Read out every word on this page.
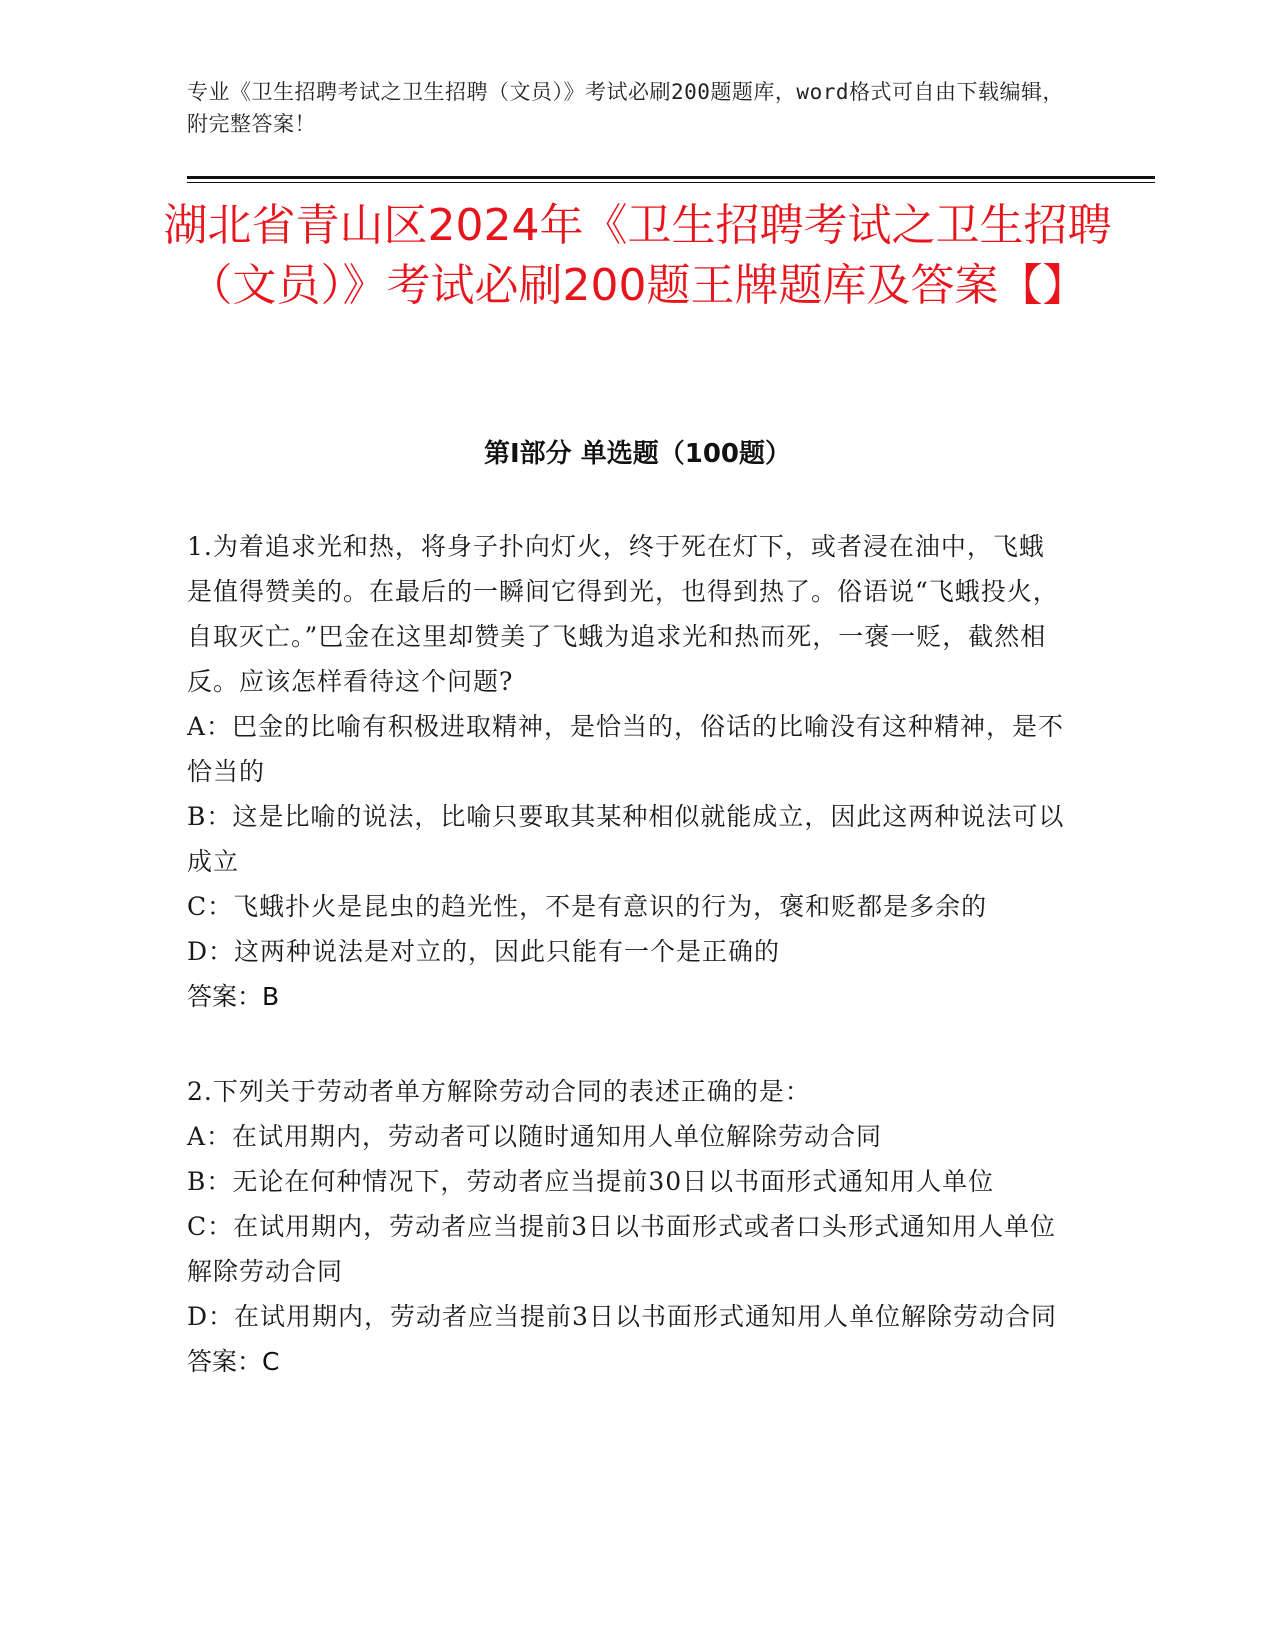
专业《卫生招聘考试之卫生招聘（文员）》考试必刷200题题库，word格式可自由下载编辑，附完整答案！
湖北省青山区2024年《卫生招聘考试之卫生招聘（文员）》考试必刷200题王牌题库及答案【】
第Ⅰ部分 单选题（100题）
1.为着追求光和热，将身子扑向灯火，终于死在灯下，或者浸在油中，飞蛾是值得赞美的。在最后的一瞬间它得到光，也得到热了。俗语说“飞蛾投火，自取灭亡。”巴金在这里却赞美了飞蛾为追求光和热而死，一褒一贬，截然相反。应该怎样看待这个问题?
A：巴金的比喻有积极进取精神，是恰当的，俗话的比喻没有这种精神，是不恰当的
B：这是比喻的说法，比喻只要取其某种相似就能成立，因此这两种说法可以成立
C：飞蛾扑火是昆虫的趋光性，不是有意识的行为，褒和贬都是多余的
D：这两种说法是对立的，因此只能有一个是正确的
答案：B
2.下列关于劳动者单方解除劳动合同的表述正确的是：
A：在试用期内，劳动者可以随时通知用人单位解除劳动合同
B：无论在何种情况下，劳动者应当提前30日以书面形式通知用人单位
C：在试用期内，劳动者应当提前3日以书面形式或者口头形式通知用人单位解除劳动合同
D：在试用期内，劳动者应当提前3日以书面形式通知用人单位解除劳动合同
答案：C
